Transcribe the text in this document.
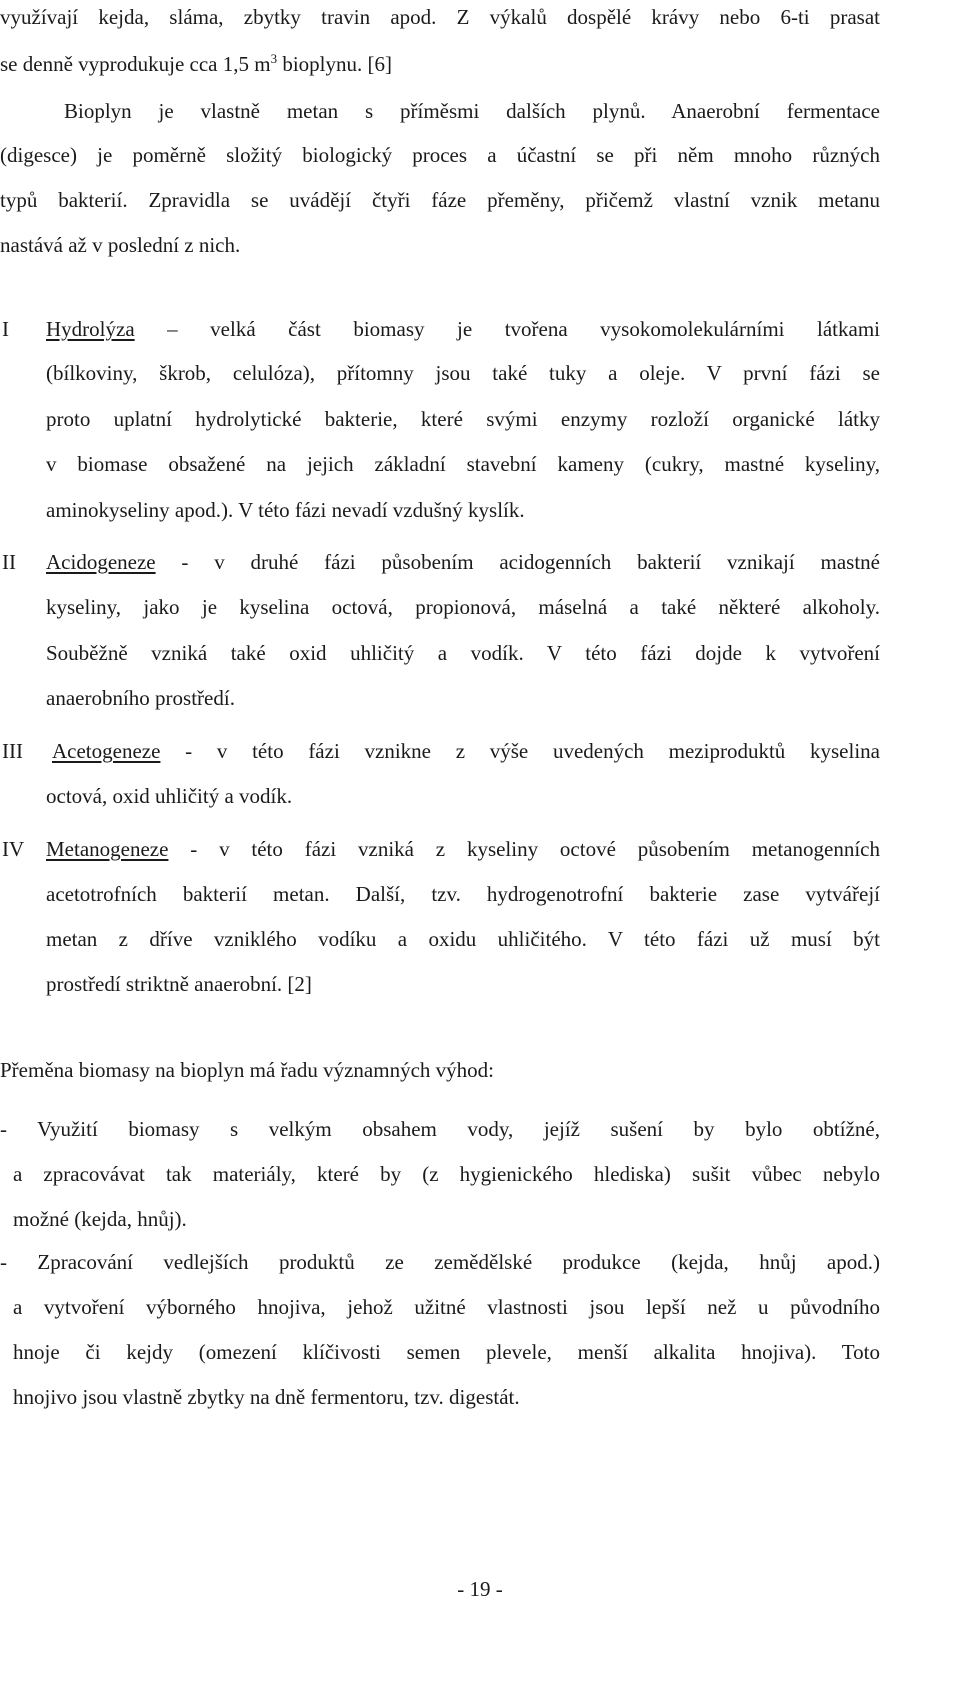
využívají kejda, sláma, zbytky travin apod. Z výkalů dospělé krávy nebo 6-ti prasat
se denně vyprodukuje cca 1,5 $m^3$ bioplynu. [6]
Bioplyn je vlastně metan s příměsmi dalších plynů. Anaerobní fermentace
(digesce) je poměrně složitý biologický proces a účastní se při něm mnoho různých
typů bakterií. Zpravidla se uvádějí čtyři fáze přeměny, přičemž vlastní vznik metanu
nastává až v poslední z nich.
I Hydrolýza – velká část biomasy je tvořena vysokomolekulárními látkami
(bílkoviny, škrob, celulóza), přítomny jsou také tuky a oleje. V první fázi se
proto uplatní hydrolytické bakterie, které svými enzymy rozloží organické látky
v biomase obsažené na jejich základní stavební kameny (cukry, mastné kyseliny,
aminokyseliny apod.). V této fázi nevadí vzdušný kyslík.
II Acidogeneze - v druhé fázi působením acidogenních bakterií vznikají mastné
kyseliny, jako je kyselina octová, propionová, máselná a také některé alkoholy.
Souběžně vzniká také oxid uhličitý a vodík. V této fázi dojde k vytvoření
anaerobního prostředí.
III Acetogeneze - v této fázi vznikne z výše uvedených meziproduktů kyselina
octová, oxid uhličitý a vodík.
IV Metanogeneze - v této fázi vzniká z kyseliny octové působením metanogenních
acetotrofních bakterií metan. Další, tzv. hydrogenotrofní bakterie zase vytvářejí
metan z dříve vzniklého vodíku a oxidu uhličitého. V této fázi už musí být
prostředí striktně anaerobní. [2]
Přeměna biomasy na bioplyn má řadu významných výhod:
- Využití biomasy s velkým obsahem vody, jejíž sušení by bylo obtížné,
a zpracovávat tak materiály, které by (z hygienického hlediska) sušit vůbec nebylo
možné (kejda, hnůj).
- Zpracování vedlejších produktů ze zemědělské produkce (kejda, hnůj apod.)
a vytvoření výborného hnojiva, jehož užitné vlastnosti jsou lepší než u původního
hnoje či kejdy (omezení klíčivosti semen plevele, menší alkalita hnojiva). Toto
hnojivo jsou vlastně zbytky na dně fermentoru, tzv. digestát.
- 19 -
